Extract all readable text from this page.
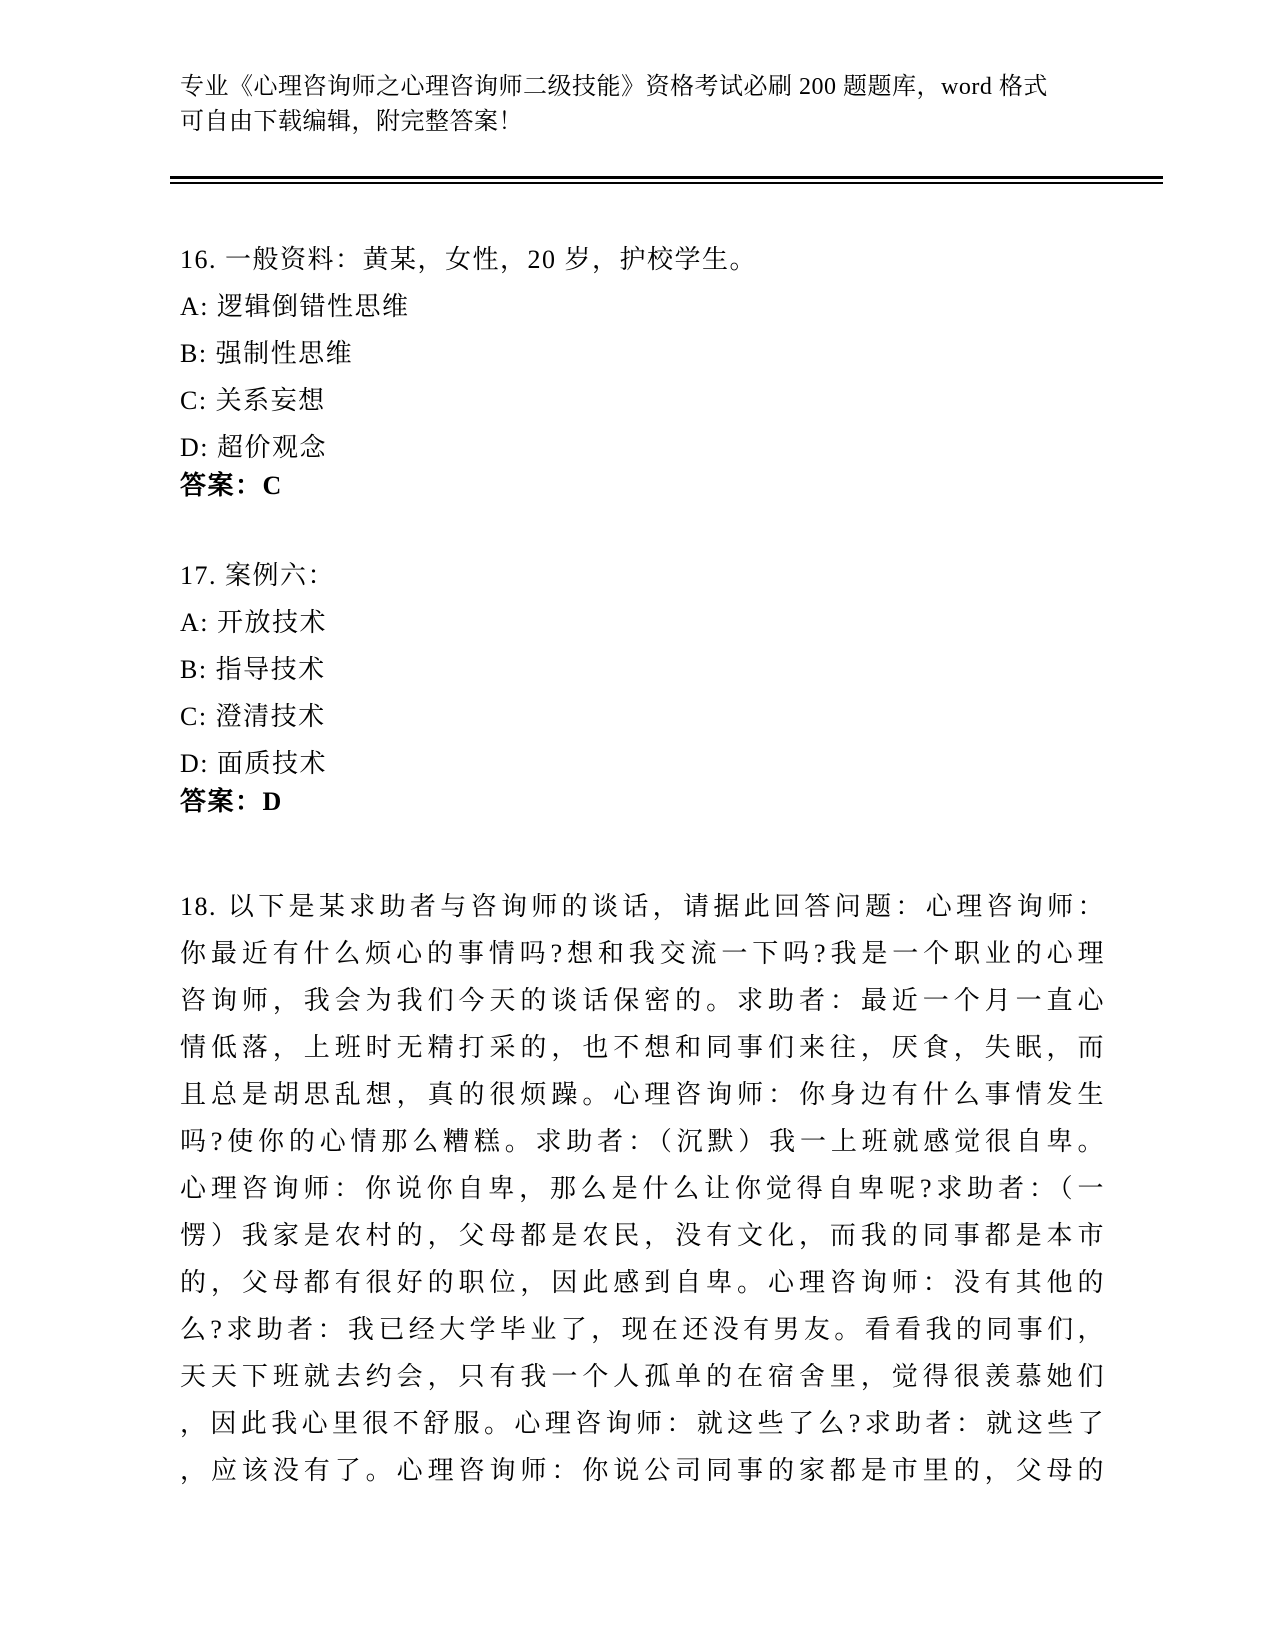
专业《心理咨询师之心理咨询师二级技能》资格考试必刷 200 题题库，word 格式
可自由下载编辑，附完整答案！
16. 一般资料：黄某，女性，20 岁，护校学生。
A: 逻辑倒错性思维
B: 强制性思维
C: 关系妄想
D: 超价观念
答案：C
17. 案例六：
A: 开放技术
B: 指导技术
C: 澄清技术
D: 面质技术
答案：D
18. 以下是某求助者与咨询师的谈话，请据此回答问题：心理咨询师：
你最近有什么烦心的事情吗?想和我交流一下吗?我是一个职业的心理
咨询师，我会为我们今天的谈话保密的。求助者：最近一个月一直心
情低落，上班时无精打采的，也不想和同事们来往，厌食，失眠，而
且总是胡思乱想，真的很烦躁。心理咨询师：你身边有什么事情发生
吗?使你的心情那么糟糕。求助者：（沉默）我一上班就感觉很自卑。
心理咨询师：你说你自卑，那么是什么让你觉得自卑呢?求助者：（一
愣）我家是农村的，父母都是农民，没有文化，而我的同事都是本市
的，父母都有很好的职位，因此感到自卑。心理咨询师：没有其他的
么?求助者：我已经大学毕业了，现在还没有男友。看看我的同事们，
天天下班就去约会，只有我一个人孤单的在宿舍里，觉得很羡慕她们
，因此我心里很不舒服。心理咨询师：就这些了么?求助者：就这些了
，应该没有了。心理咨询师：你说公司同事的家都是市里的，父母的
